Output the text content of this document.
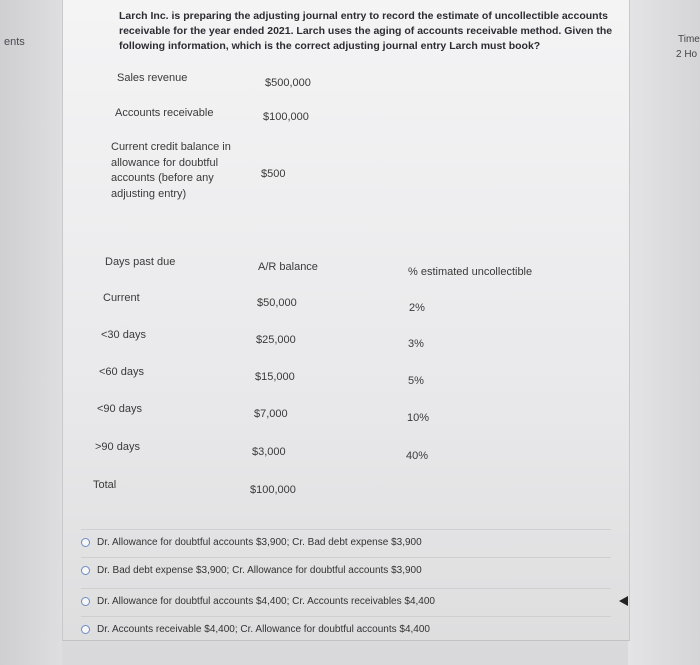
ents	Time
2 Ho
Larch Inc. is preparing the adjusting journal entry to record the estimate of uncollectible accounts
receivable for the year ended 2021. Larch uses the aging of accounts receivable method. Given the
following information, which is the correct adjusting journal entry Larch must book?
Sales revenue	$500,000
Accounts receivable	$100,000
Current credit balance in allowance for doubtful accounts (before any adjusting entry)
$500
Days past due	A/R balance	% estimated uncollectible
Current	$50,000	2%
<30 days	$25,000	3%
<60 days	$15,000	5%
<90 days	$7,000	10%
>90 days	$3,000	40%
Total	$100,000
Dr. Allowance for doubtful accounts $3,900; Cr. Bad debt expense $3,900
Dr. Bad debt expense $3,900; Cr. Allowance for doubtful accounts $3,900
Dr. Allowance for doubtful accounts $4,400; Cr. Accounts receivables $4,400
Dr. Accounts receivable $4,400; Cr. Allowance for doubtful accounts $4,400
